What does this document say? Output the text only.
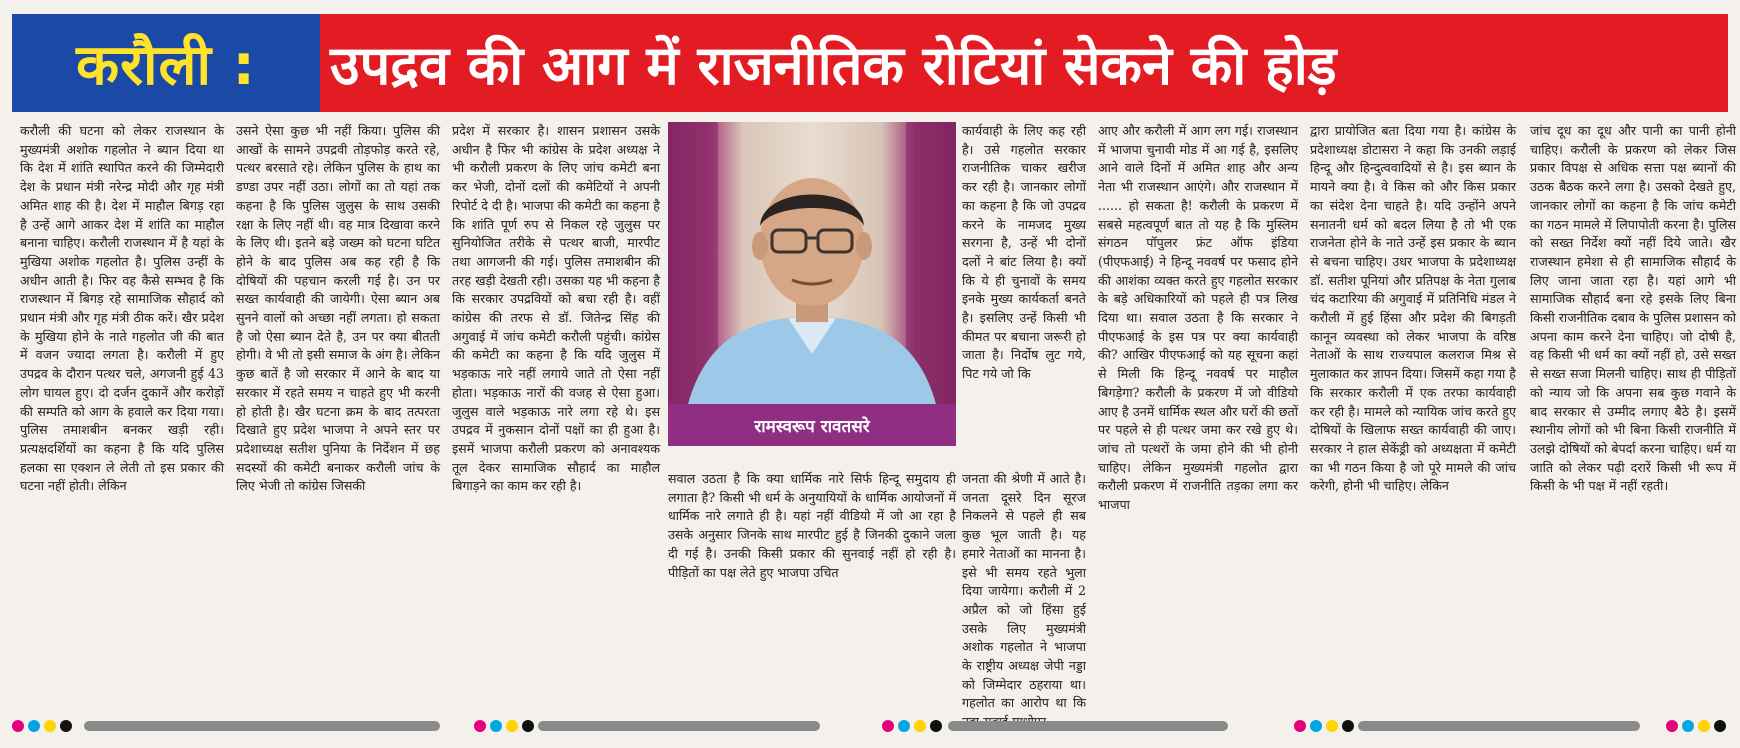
करौली : उपद्रव की आग में राजनीतिक रोटियां सेकने की होड़

करौली की घटना को लेकर राजस्थान के मुख्यमंत्री अशोक गहलोत ने ब्यान दिया था कि देश में शांति स्थापित करने की जिम्मेदारी देश के प्रधान मंत्री नरेन्द्र मोदी और गृह मंत्री अमित शाह की है। देश में माहौल बिगड़ रहा है उन्हें आगे आकर देश में शांति का माहौल बनाना चाहिए। करौली राजस्थान में है यहां के मुखिया अशोक गहलोत है। पुलिस उन्हीं के अधीन आती है। फिर वह कैसे सम्भव है कि राजस्थान में बिगड़ रहे सामाजिक सौहार्द को प्रधान मंत्री और गृह मंत्री ठीक करें। खैर प्रदेश के मुखिया होने के नाते गहलोत जी की बात में वजन ज्यादा लगता है। करौली में हुए उपद्रव के दौरान पत्थर चले, अगजनी हुई 43 लोग घायल हुए। दो दर्जन दुकानें और करोड़ों की सम्पति को आग के हवाले कर दिया गया। पुलिस तमाशबीन बनकर खड़ी रही। प्रत्यक्षदर्शियों का कहना है कि यदि पुलिस हलका सा एक्शन ले लेती तो इस प्रकार की घटना नहीं होती। लेकिन

उसने ऐसा कुछ भी नहीं किया। पुलिस की आखों के सामने उपद्रवी तोड़फोड़ करते रहे, पत्थर बरसाते रहे। लेकिन पुलिस के हाथ का डण्डा उपर नहीं उठा। लोगों का तो यहां तक कहना है कि पुलिस जुलुस के साथ उसकी रक्षा के लिए नहीं थी। वह मात्र दिखावा करने के लिए थी। इतने बड़े जख्म को घटना घटित होने के बाद पुलिस अब कह रही है कि दोषियों की पहचान करली गई है। उन पर सख्त कार्यवाही की जायेगी। ऐसा ब्यान अब सुनने वालों को अच्छा नहीं लगता। हो सकता है जो ऐसा ब्यान देते है, उन पर क्या बीतती होगी। वे भी तो इसी समाज के अंग है। लेकिन कुछ बातें है जो सरकार में आने के बाद या सरकार में रहते समय न चाहते हुए भी करनी हो होती है। खैर घटना क्रम के बाद तत्परता दिखाते हुए प्रदेश भाजपा ने अपने स्तर पर प्रदेशाध्यक्ष सतीश पुनिया के निर्देशन में छह सदस्यों की कमेटी बनाकर करौली जांच के लिए भेजी तो कांग्रेस जिसकी

प्रदेश में सरकार है। शासन प्रशासन उसके अधीन है फिर भी कांग्रेस के प्रदेश अध्यक्ष ने भी करौली प्रकरण के लिए जांच कमेटी बना कर भेजी, दोनों दलों की कमेटियों ने अपनी रिपोर्ट दे दी है। भाजपा की कमेटी का कहना है कि शांति पूर्ण रुप से निकल रहे जुलुस पर सुनियोजित तरीके से पत्थर बाजी, मारपीट तथा आगजनी की गई। पुलिस तमाशबीन की तरह खड़ी देखती रही। उसका यह भी कहना है कि सरकार उपद्रवियों को बचा रही है। वहीं कांग्रेस की तरफ से डॉ. जितेन्द्र सिंह की अगुवाई में जांच कमेटी करौली पहुंची। कांग्रेस की कमेटी का कहना है कि यदि जुलुस में भड़काऊ नारे नहीं लगाये जाते तो ऐसा नहीं होता। भड़काऊ नारों की वजह से ऐसा हुआ। जुलुस वाले भड़काऊ नारे लगा रहे थे। इस उपद्रव में नुकसान दोनों पक्षों का ही हुआ है। इसमें भाजपा करौली प्रकरण को अनावश्यक तूल देकर सामाजिक सौहार्द का माहौल बिगाड़ने का काम कर रही है।

रामस्वरूप रावतसरे

सवाल उठता है कि क्या धार्मिक नारे सिर्फ हिन्दू समुदाय ही लगाता है? किसी भी धर्म के अनुयायियों के धार्मिक आयोजनों में धार्मिक नारे लगाते ही है। यहां नहीं वीडियो में जो आ रहा है उसके अनुसार जिनके साथ मारपीट हुई है जिनकी दुकाने जला दी गई है। उनकी किसी प्रकार की सुनवाई नहीं हो रही है। पीड़ितों का पक्ष लेते हुए भाजपा उचित

कार्यवाही के लिए कह रही है। उसे गहलोत सरकार राजनीतिक चाकर खरीज कर रही है। जानकार लोगों का कहना है कि जो उपद्रव करने के नामजद मुख्य सरगना है, उन्हें भी दोनों दलों ने बांट लिया है। क्यों कि ये ही चुनावों के समय इनके मुख्य कार्यकर्ता बनते है। इसलिए उन्हें किसी भी कीमत पर बचाना जरूरी हो जाता है। निर्दोष लुट गये, पिट गये जो कि

जनता की श्रेणी में आते है। जनता दूसरे दिन सूरज निकलने से पहले ही सब कुछ भूल जाती है। यह हमारे नेताओं का मानना है। इसे भी समय रहते भुला दिया जायेगा। करौली में 2 अप्रैल को जो हिंसा हुई उसके लिए मुख्यमंत्री अशोक गहलोत ने भाजपा के राष्ट्रीय अध्यक्ष जेपी नड्डा को जिम्मेदार ठहराया था। गहलोत का आरोप था कि

आए और करौली में आग लग गई। राजस्थान में भाजपा चुनावी मोड में आ गई है, इसलिए आने वाले दिनों में अमित शाह और अन्य नेता भी राजस्थान आएंगे। और राजस्थान में ...... हो सकता है! करौली के प्रकरण में सबसे महत्वपूर्ण बात तो यह है कि मुस्लिम संगठन पॉपुलर फ्रंट ऑफ इंडिया (पीएफआई) ने हिन्दू नववर्ष पर फसाद होने की आशंका व्यक्त करते हुए गहलोत सरकार के बड़े अधिकारियों को पहले ही पत्र लिख दिया था। सवाल उठता है कि सरकार ने पीएफआई के इस पत्र पर क्या कार्यवाही की? आखिर पीएफआई को यह सूचना कहां से मिली कि हिन्दू नववर्ष पर माहौल बिगड़ेगा? करौली के प्रकरण में जो वीडियो आए है उनमें धार्मिक स्थल और घरों की छतों पर पहले से ही पत्थर जमा कर रखे हुए थे। जांच तो पत्थरों के जमा होने की भी होनी चाहिए। लेकिन मुख्यमंत्री गहलोत द्वारा करौली प्रकरण में राजनीति तड़का लगा कर भाजपा

द्वारा प्रायोजित बता दिया गया है। कांग्रेस के प्रदेशाध्यक्ष डोटासरा ने कहा कि उनकी लड़ाई हिन्दू और हिन्दुत्ववादियों से है। इस ब्यान के मायने क्या है। वे किस को और किस प्रकार का संदेश देना चाहते है। यदि उन्होंने अपने सनातनी धर्म को बदल लिया है तो भी एक राजनेता होने के नाते उन्हें इस प्रकार के ब्यान से बचना चाहिए। उधर भाजपा के प्रदेशाध्यक्ष डॉ. सतीश पूनियां और प्रतिपक्ष के नेता गुलाब चंद कटारिया की अगुवाई में प्रतिनिधि मंडल ने करौली में हुई हिंसा और प्रदेश की बिगड़ती कानून व्यवस्था को लेकर भाजपा के वरिष्ठ नेताओं के साथ राज्यपाल कलराज मिश्र से मुलाकात कर ज्ञापन दिया। जिसमें कहा गया है कि सरकार करौली में एक तरफा कार्यवाही कर रही है। मामले को न्यायिक जांच करते हुए दोषियों के खिलाफ सख्त कार्यवाही की जाए। सरकार ने हाल सेकेंड्री को अध्यक्षता में कमेटी का भी गठन किया है जो पूरे मामले की जांच करेगी, होनी भी चाहिए। लेकिन

जांच दूध का दूध और पानी का पानी होनी चाहिए। करौली के प्रकरण को लेकर जिस प्रकार विपक्ष से अधिक सत्ता पक्ष ब्यानों की उठक बैठक करने लगा है। उसको देखते हुए, जानकार लोगों का कहना है कि जांच कमेटी का गठन मामले में लिपापोती करना है। पुलिस को सख्त निर्देश क्यों नहीं दिये जाते। खैर राजस्थान हमेशा से ही सामाजिक सौहार्द के लिए जाना जाता रहा है। यहां आगे भी सामाजिक सौहार्द बना रहे इसके लिए बिना किसी राजनीतिक दबाव के पुलिस प्रशासन को अपना काम करने देना चाहिए। जो दोषी है, वह किसी भी धर्म का क्यों नहीं हो, उसे सख्त से सख्त सजा मिलनी चाहिए। साथ ही पीड़ितों को न्याय जो कि अपना सब कुछ गवाने के बाद सरकार से उम्मीद लगाए बैठे है। इसमें स्थानीय लोगों को भी बिना किसी राजनीति में उलझे दोषियों को बेपर्दा करना चाहिए। धर्म या जाति को लेकर पढ़ी दरारें किसी भी रूप में किसी के भी पक्ष में नहीं रहती।
